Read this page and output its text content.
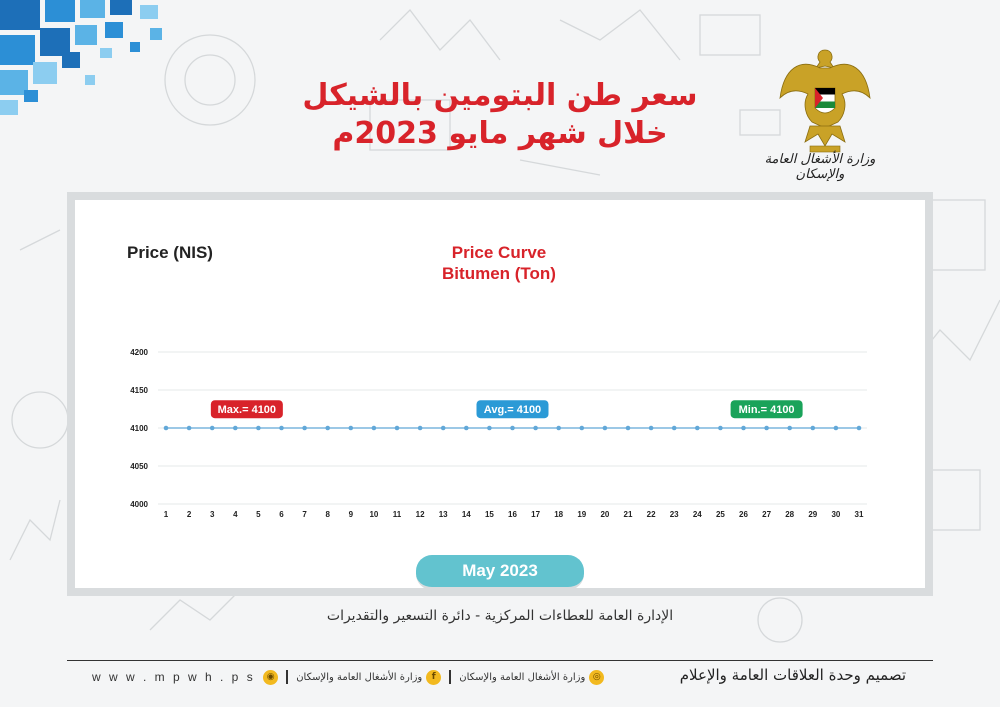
سعر طن البتومين بالشيكل
خلال شهر مايو 2023م
وزارة الأشغال العامة والإسكان
Price (NIS)	Price Curve
Bitumen (Ton)
4000
4050
4100
4150
4200
1 2 3 4 5 6 7 8 9 10 11 12 13 14 15 16 17 18 19 20 21 22 23 24 25 26 27 28 29 30 31
Max.= 4100	Avg.= 4100	Min.= 4100
May 2023
الإدارة العامة للعطاءات المركزية - دائرة التسعير والتقديرات
تصميم وحدة العلاقات العامة والإعلام
w w w . m p w h . p s	◉	f
وزارة الأشغال العامة والإسكان	◎
وزارة الأشغال العامة والإسكان
